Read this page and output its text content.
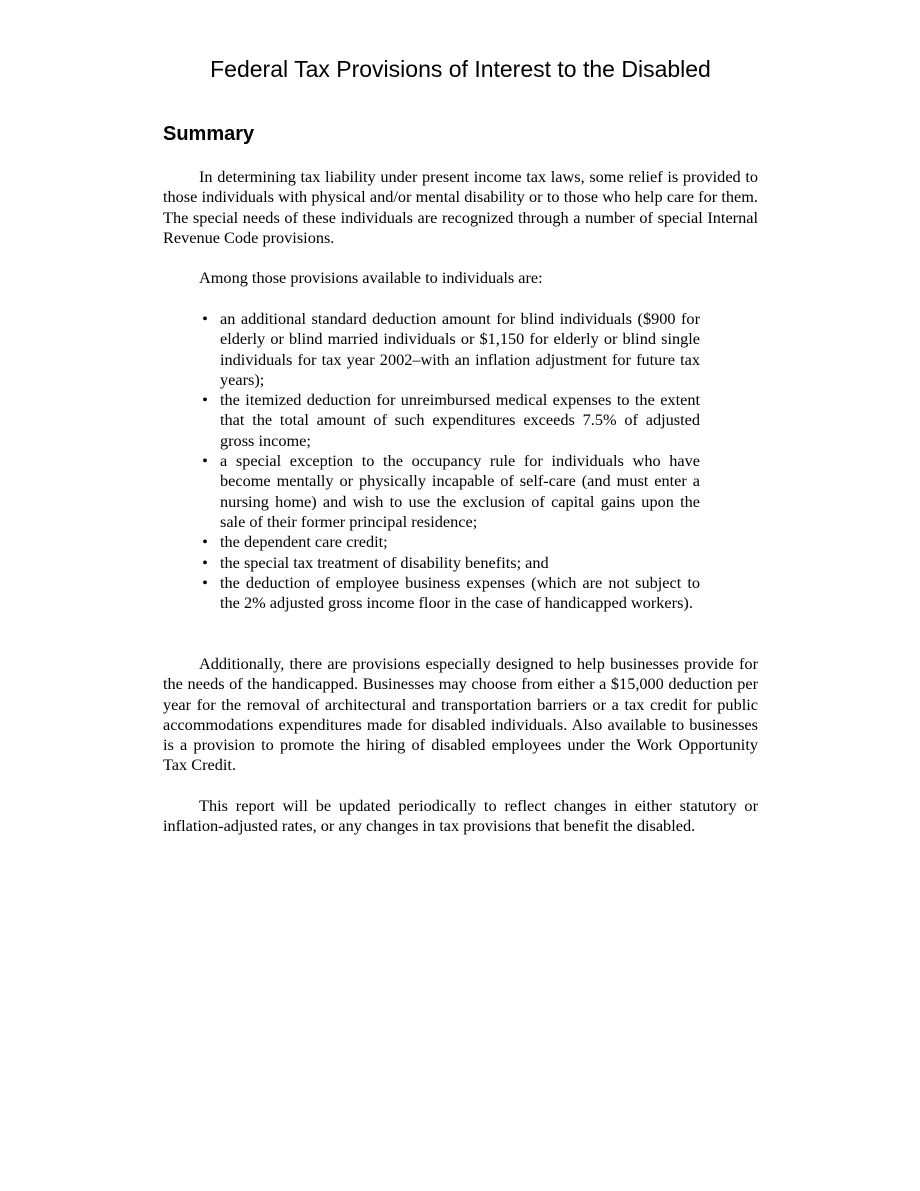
Federal Tax Provisions of Interest to the Disabled
Summary

In determining tax liability under present income tax laws, some relief is provided to those individuals with physical and/or mental disability or to those who help care for them. The special needs of these individuals are recognized through a number of special Internal Revenue Code provisions.

Among those provisions available to individuals are:

• an additional standard deduction amount for blind individuals ($900 for elderly or blind married individuals or $1,150 for elderly or blind single individuals for tax year 2002–with an inflation adjustment for future tax years);
• the itemized deduction for unreimbursed medical expenses to the extent that the total amount of such expenditures exceeds 7.5% of adjusted gross income;
• a special exception to the occupancy rule for individuals who have become mentally or physically incapable of self-care (and must enter a nursing home) and wish to use the exclusion of capital gains upon the sale of their former principal residence;
• the dependent care credit;
• the special tax treatment of disability benefits; and
• the deduction of employee business expenses (which are not subject to the 2% adjusted gross income floor in the case of handicapped workers).

Additionally, there are provisions especially designed to help businesses provide for the needs of the handicapped. Businesses may choose from either a $15,000 deduction per year for the removal of architectural and transportation barriers or a tax credit for public accommodations expenditures made for disabled individuals. Also available to businesses is a provision to promote the hiring of disabled employees under the Work Opportunity Tax Credit.

This report will be updated periodically to reflect changes in either statutory or inflation-adjusted rates, or any changes in tax provisions that benefit the disabled.
